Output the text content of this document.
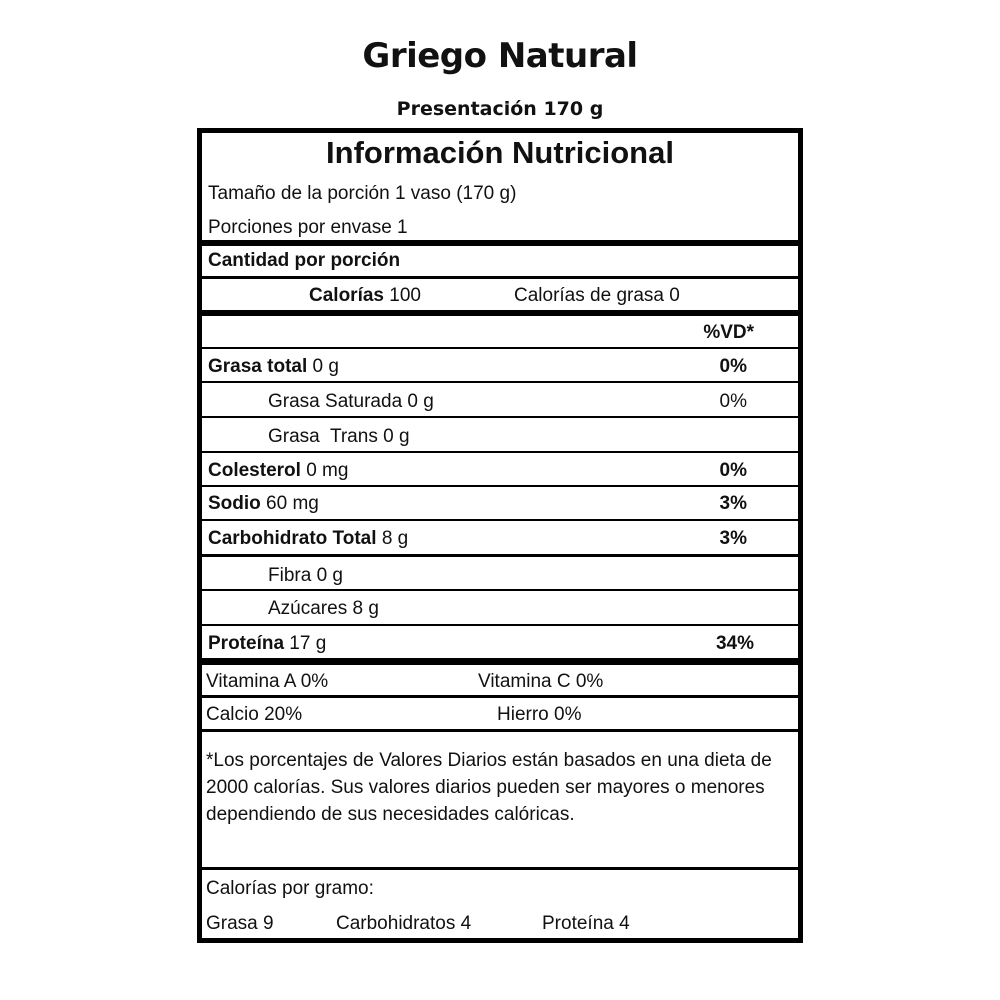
Griego Natural
Presentación 170 g
Información Nutricional
Tamaño de la porción 1 vaso (170 g)
Porciones por envase 1
Cantidad por porción
Calorías 100	Calorías de grasa 0
%VD*
Grasa total 0 g	0%
Grasa Saturada 0 g	0%
Grasa  Trans 0 g
Colesterol 0 mg	0%
Sodio 60 mg	3%
Carbohidrato Total 8 g	3%
Fibra 0 g
Azúcares 8 g
Proteína 17 g	34%
Vitamina A 0%	Vitamina C 0%
Calcio 20%	Hierro 0%
*Los porcentajes de Valores Diarios están basados en una dieta de 2000 calorías. Sus valores diarios pueden ser mayores o menores dependiendo de sus necesidades calóricas.
Calorías por gramo:
Grasa 9	Carbohidratos 4	Proteína 4
